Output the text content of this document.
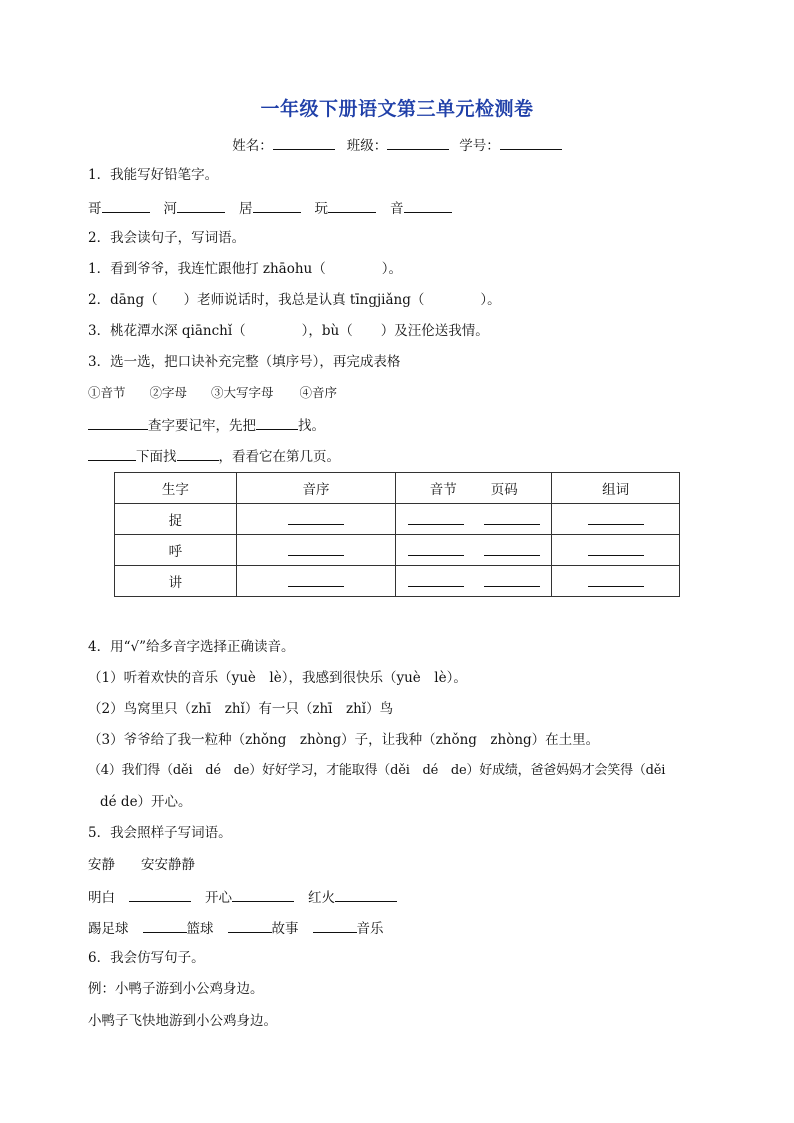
一年级下册语文第三单元检测卷
姓名：	班级：	学号：
1．我能写好铅笔字。
哥	河	居	玩	音
2．我会读句子，写词语。
1．看到爷爷，我连忙跟他打 zhāohu（	）。
2．dāng（ ）老师说话时，我总是认真 tīngjiǎng（	）。
3．桃花潭水深 qiānchǐ（	），bù（ ）及汪伦送我情。
3．选一选，把口诀补充完整（填序号），再完成表格
①音节 ②字母 ③大写字母 ④音序
查字要记牢，先把	找。
下面找	，看看它在第几页。
生字	音序	音节 页码	组词
捉			
呼			
讲			
4．用“√”给多音字选择正确读音。
（1）听着欢快的音乐（yuè　lè），我感到很快乐（yuè　lè）。
（2）鸟窝里只（zhī　zhǐ）有一只（zhī　zhǐ）鸟
（3）爷爷给了我一粒种（zhǒng　zhòng）子，让我种（zhǒng　zhòng）在土里。
（4）我们得（děi　dé　de）好好学习，才能取得（děi　dé　de）好成绩，爸爸妈妈才会笑得（děi
dé de）开心。
5．我会照样子写词语。
安静 安安静静
明白	开心	红火
踢足球	篮球	故事	音乐
6．我会仿写句子。
例：小鸭子游到小公鸡身边。
小鸭子飞快地游到小公鸡身边。
